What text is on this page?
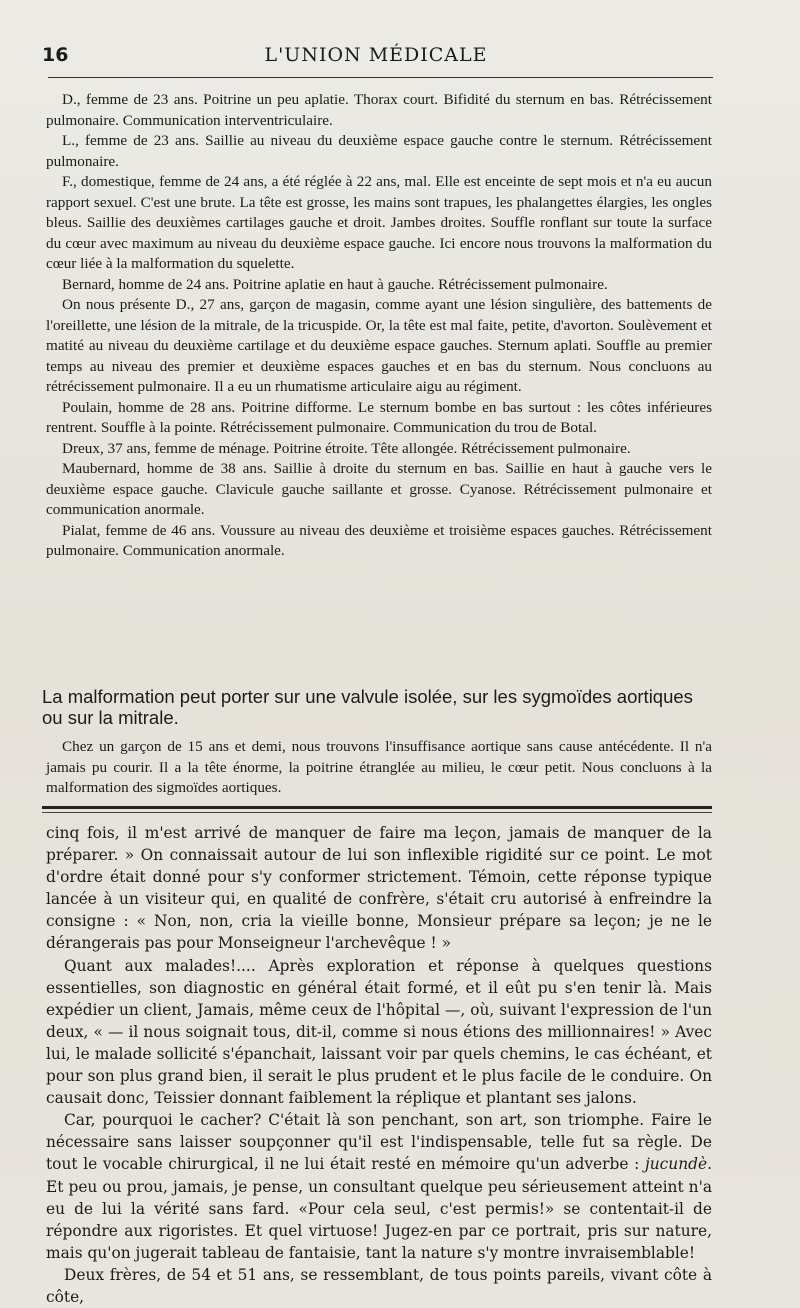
16	L'UNION MÉDICALE

D., femme de 23 ans. Poitrine un peu aplatie. Thorax court. Bifidité du sternum en bas. Rétrécissement pulmonaire. Communication interventriculaire.

L., femme de 23 ans. Saillie au niveau du deuxième espace gauche contre le sternum. Rétrécissement pulmonaire.

F., domestique, femme de 24 ans, a été réglée à 22 ans, mal. Elle est enceinte de sept mois et n'a eu aucun rapport sexuel. C'est une brute. La tête est grosse, les mains sont trapues, les phalangettes élargies, les ongles bleus. Saillie des deuxièmes cartilages gauche et droit. Jambes droites. Souffle ronflant sur toute la surface du cœur avec maximum au niveau du deuxième espace gauche. Ici encore nous trouvons la malformation du cœur liée à la malformation du squelette.

Bernard, homme de 24 ans. Poitrine aplatie en haut à gauche. Rétrécissement pulmonaire.

On nous présente D., 27 ans, garçon de magasin, comme ayant une lésion singulière, des battements de l'oreillette, une lésion de la mitrale, de la tricuspide. Or, la tête est mal faite, petite, d'avorton. Soulèvement et matité au niveau du deuxième cartilage et du deuxième espace gauches. Sternum aplati. Souffle au premier temps au niveau des premier et deuxième espaces gauches et en bas du sternum. Nous concluons au rétrécissement pulmonaire. Il a eu un rhumatisme articulaire aigu au régiment.

Poulain, homme de 28 ans. Poitrine difforme. Le sternum bombe en bas surtout : les côtes inférieures rentrent. Souffle à la pointe. Rétrécissement pulmonaire. Communication du trou de Botal.

Dreux, 37 ans, femme de ménage. Poitrine étroite. Tête allongée. Rétrécissement pulmonaire.

Maubernard, homme de 38 ans. Saillie à droite du sternum en bas. Saillie en haut à gauche vers le deuxième espace gauche. Clavicule gauche saillante et grosse. Cyanose. Rétrécissement pulmonaire et communication anormale.

Pialat, femme de 46 ans. Voussure au niveau des deuxième et troisième espaces gauches. Rétrécissement pulmonaire. Communication anormale.

La malformation peut porter sur une valvule isolée, sur les sygmoïdes aortiques ou sur la mitrale.

Chez un garçon de 15 ans et demi, nous trouvons l'insuffisance aortique sans cause antécédente. Il n'a jamais pu courir. Il a la tête énorme, la poitrine étranglée au milieu, le cœur petit. Nous concluons à la malformation des sigmoïdes aortiques.

cinq fois, il m'est arrivé de manquer de faire ma leçon, jamais de manquer de la préparer. » On connaissait autour de lui son inflexible rigidité sur ce point. Le mot d'ordre était donné pour s'y conformer strictement. Témoin, cette réponse typique lancée à un visiteur qui, en qualité de confrère, s'était cru autorisé à enfreindre la consigne : « Non, non, cria la vieille bonne, Monsieur prépare sa leçon; je ne le dérangerais pas pour Monseigneur l'archevêque ! »

Quant aux malades!.... Après exploration et réponse à quelques questions essentielles, son diagnostic en général était formé, et il eût pu s'en tenir là. Mais expédier un client, Jamais, même ceux de l'hôpital —, où, suivant l'expression de l'un deux, « — il nous soignait tous, dit-il, comme si nous étions des millionnaires! » Avec lui, le malade sollicité s'épanchait, laissant voir par quels chemins, le cas échéant, et pour son plus grand bien, il serait le plus prudent et le plus facile de le conduire. On causait donc, Teissier donnant faiblement la réplique et plantant ses jalons.

Car, pourquoi le cacher? C'était là son penchant, son art, son triomphe. Faire le nécessaire sans laisser soupçonner qu'il est l'indispensable, telle fut sa règle. De tout le vocable chirurgical, il ne lui était resté en mémoire qu'un adverbe : jucundè. Et peu ou prou, jamais, je pense, un consultant quelque peu sérieusement atteint n'a eu de lui la vérité sans fard. «Pour cela seul, c'est permis!» se contentait-il de répondre aux rigoristes. Et quel virtuose! Jugez-en par ce portrait, pris sur nature, mais qu'on jugerait tableau de fantaisie, tant la nature s'y montre invraisemblable!

Deux frères, de 54 et 51 ans, se ressemblant, de tous points pareils, vivant côte à côte,
